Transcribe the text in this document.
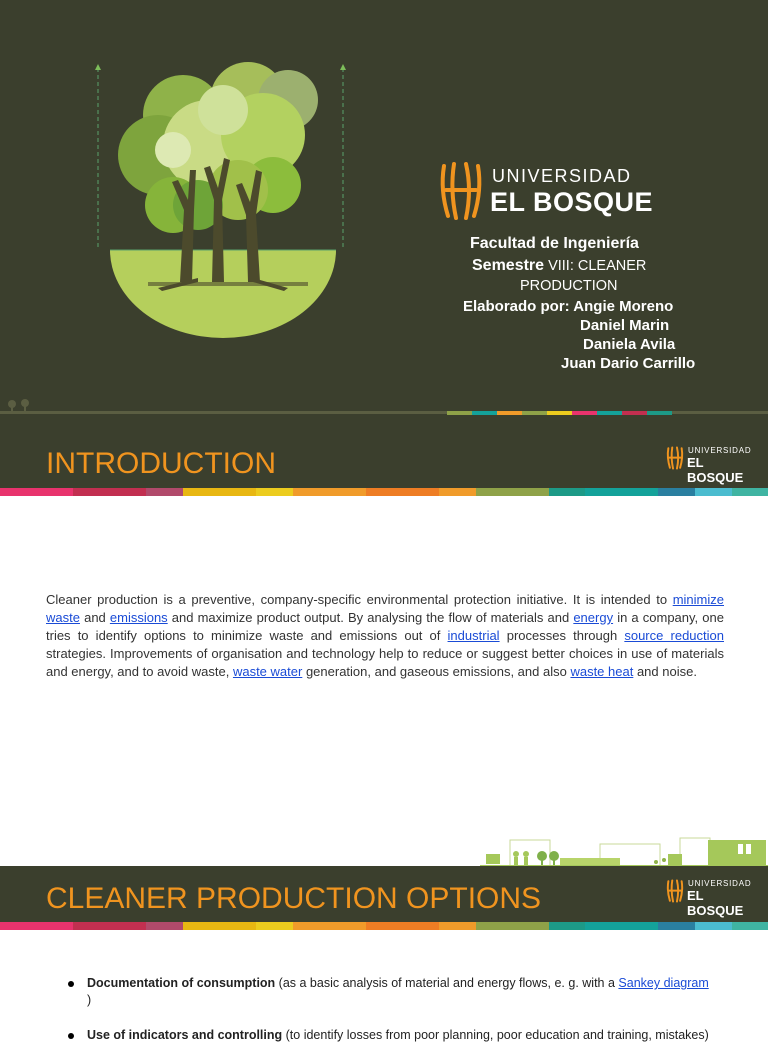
UNIVERSIDAD
EL BOSQUE
Facultad de Ingeniería
Semestre VIII: CLEANER
PRODUCTION
Elaborado por: Angie Moreno
Daniel Marin
Daniela Avila
Juan Dario Carrillo
INTRODUCTION	UNIVERSIDAD
EL BOSQUE
Cleaner production is a preventive, company-specific environmental protection initiative. It is intended to minimize waste and emissions and maximize product output. By analysing the flow of materials and energy in a company, one tries to identify options to minimize waste and emissions out of industrial processes through source reduction strategies. Improvements of organisation and technology help to reduce or suggest better choices in use of materials and energy, and to avoid waste, waste water generation, and gaseous emissions, and also waste heat and noise.
CLEANER PRODUCTION OPTIONS	UNIVERSIDAD
EL BOSQUE
Documentation of consumption (as a basic analysis of material and energy flows, e. g. with a Sankey diagram
)
Use of indicators and controlling (to identify losses from poor planning, poor education and training, mistakes)
